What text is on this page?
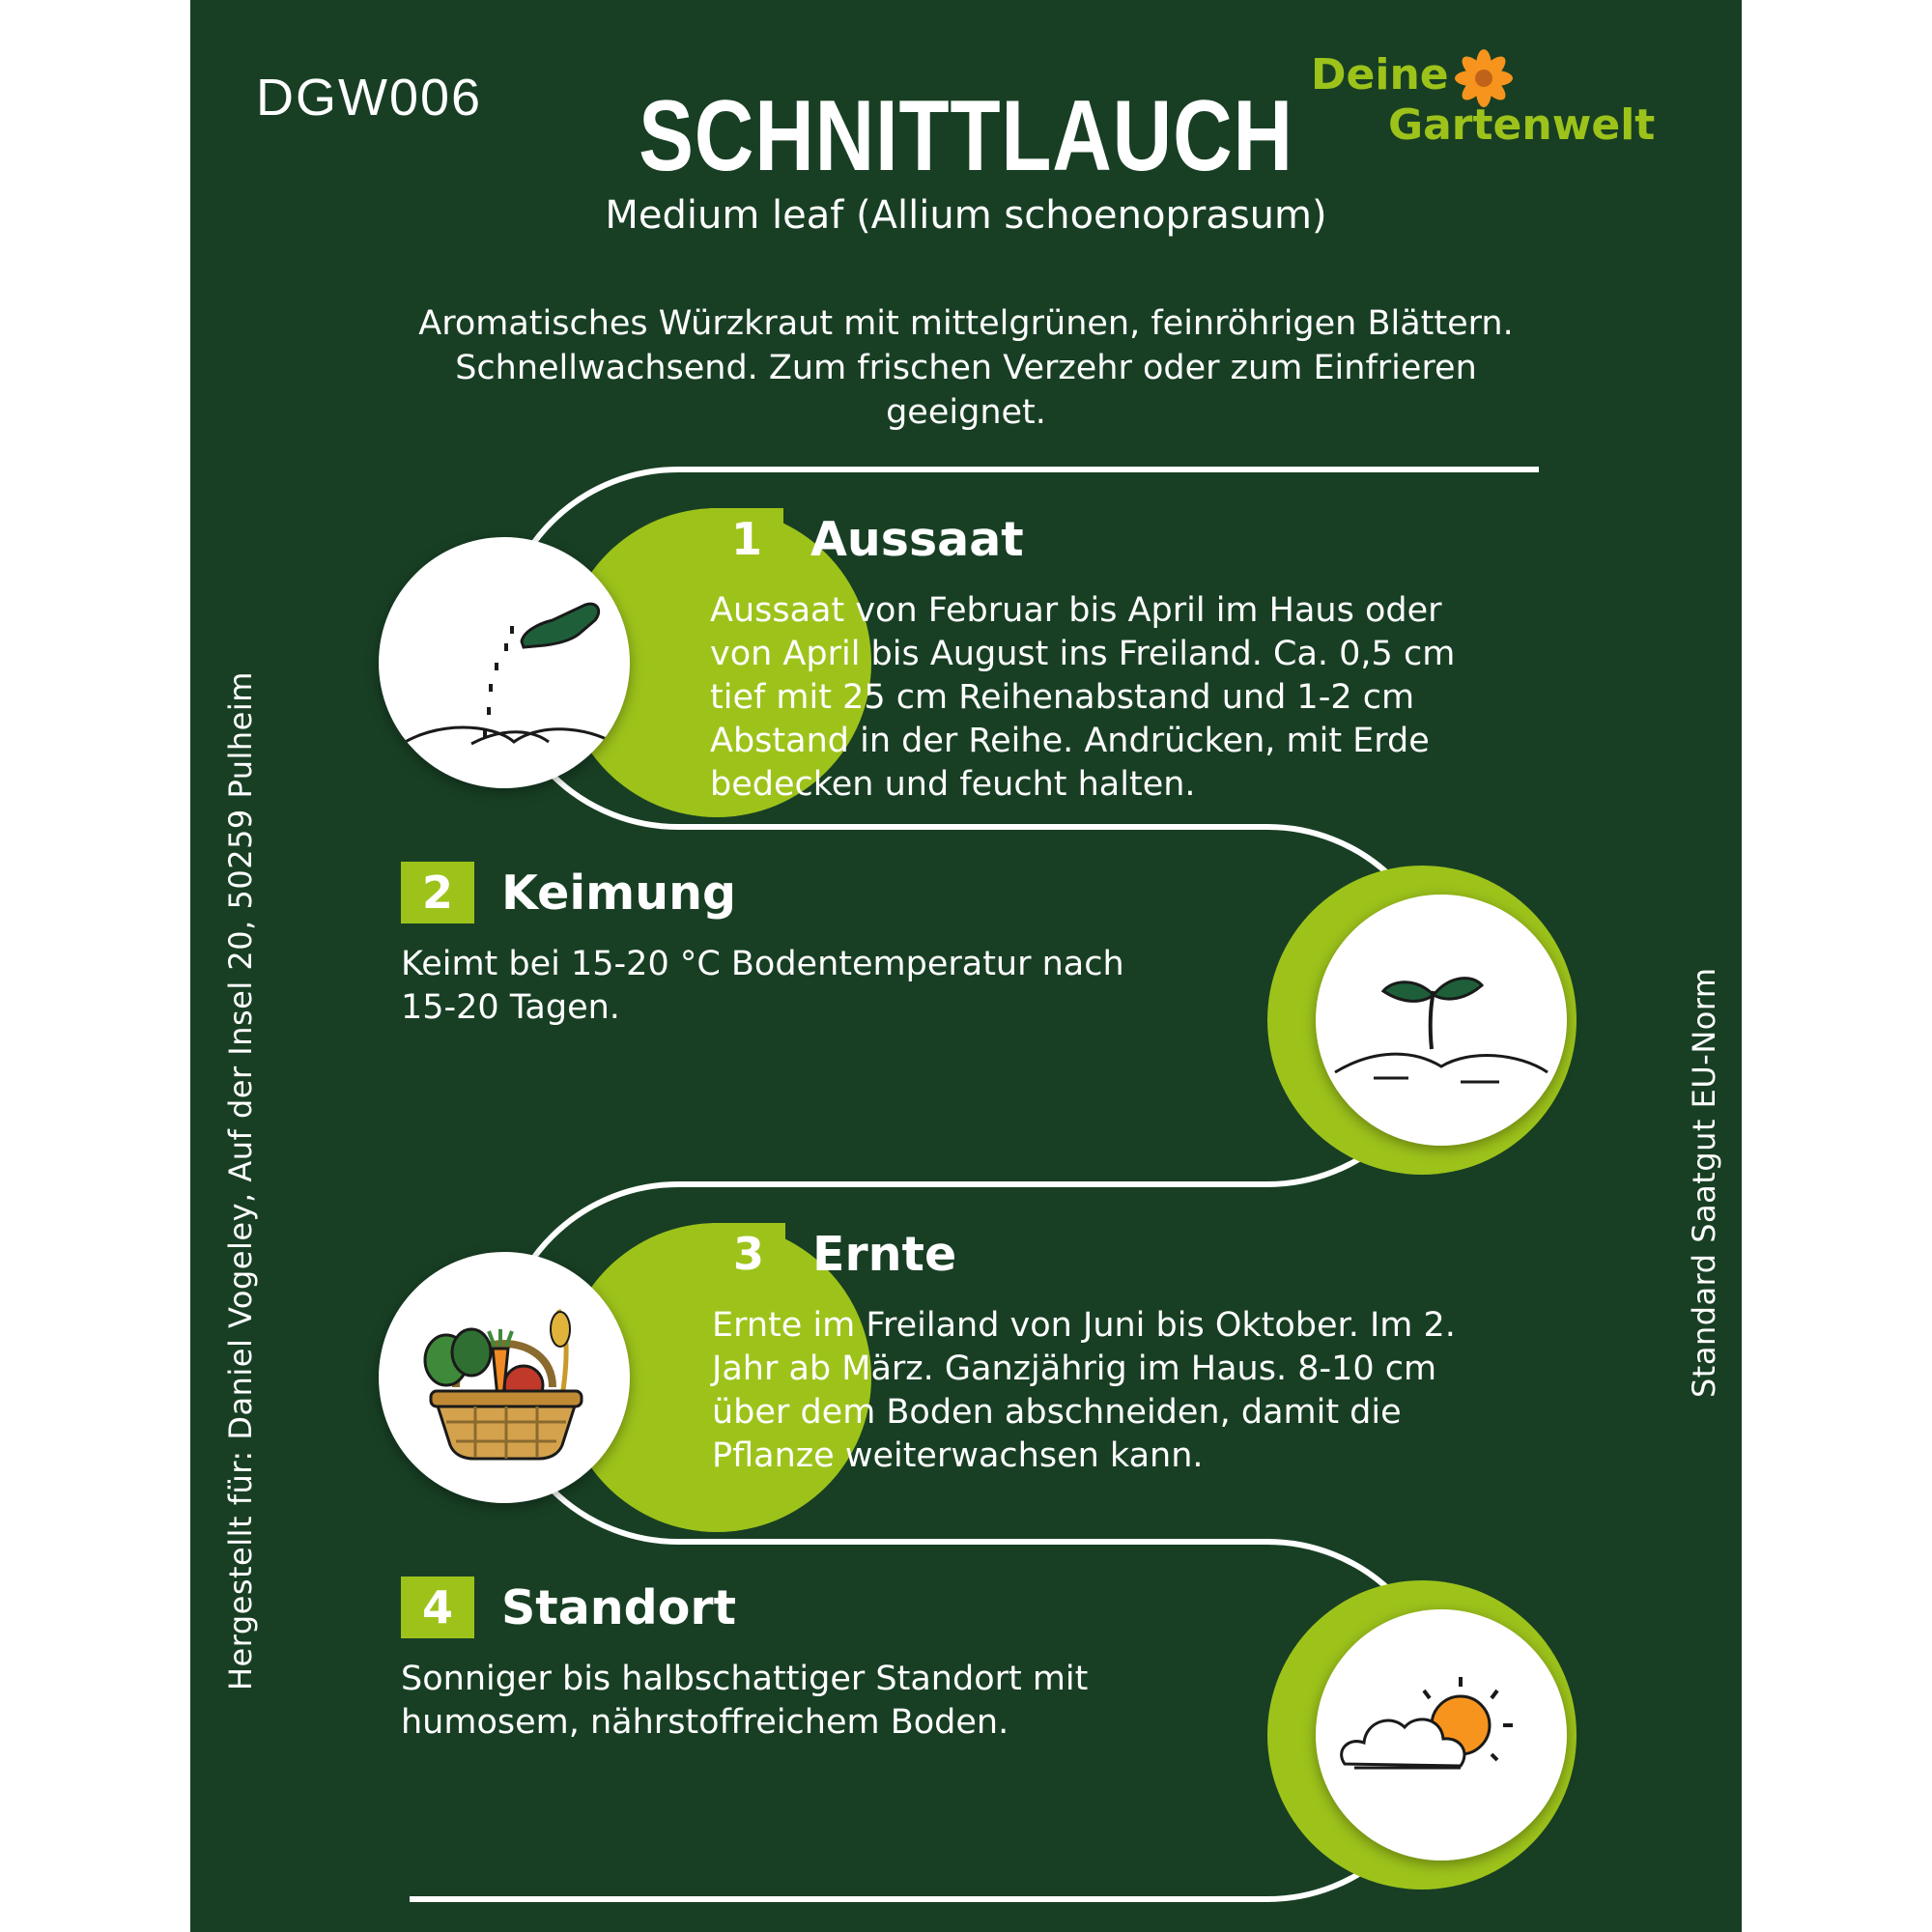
DGW006	SCHNITTLAUCH
Medium leaf (Allium schoenoprasum)
Aromatisches Würzkraut mit mittelgrünen, feinröhrigen Blättern.
Schnellwachsend. Zum frischen Verzehr oder zum Einfrieren
geeignet.
Deine
Gartenwelt
Hergestellt für: Daniel Vogeley, Auf der Insel 20, 50259 Pulheim	Standard Saatgut EU-Norm
1	Aussaat
Aussaat von Februar bis April im Haus oder
von April bis August ins Freiland. Ca. 0,5 cm
tief mit 25 cm Reihenabstand und 1-2 cm
Abstand in der Reihe. Andrücken, mit Erde
bedecken und feucht halten.
2	Keimung
Keimt bei 15-20 °C Bodentemperatur nach
15-20 Tagen.
3	Ernte
Ernte im Freiland von Juni bis Oktober. Im 2.
Jahr ab März. Ganzjährig im Haus. 8-10 cm
über dem Boden abschneiden, damit die
Pflanze weiterwachsen kann.
4	Standort
Sonniger bis halbschattiger Standort mit
humosem, nährstoffreichem Boden.
